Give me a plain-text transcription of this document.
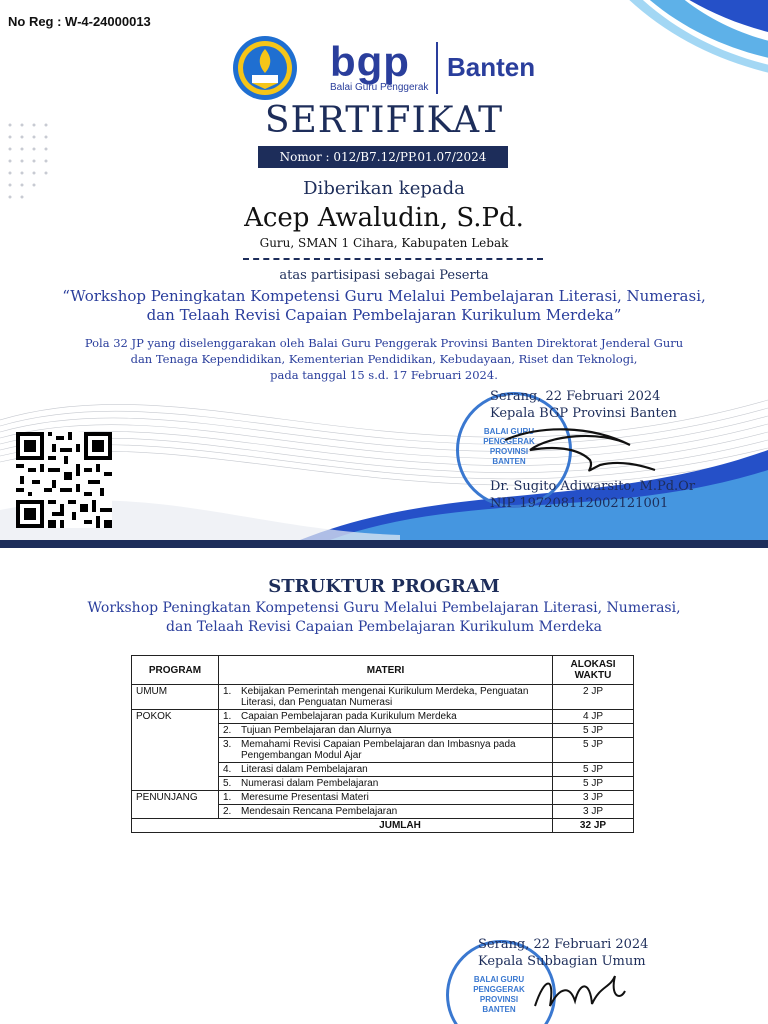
No Reg : W-4-24000013
bgp
Balai Guru Penggerak
Banten
SERTIFIKAT
Nomor : 012/B7.12/PP.01.07/2024
Diberikan kepada
Acep Awaludin, S.Pd.
Guru, SMAN 1 Cihara, Kabupaten Lebak
atas partisipasi sebagai Peserta
“Workshop Peningkatan Kompetensi Guru Melalui Pembelajaran Literasi, Numerasi,
dan Telaah Revisi Capaian Pembelajaran Kurikulum Merdeka”
Pola 32 JP yang diselenggarakan oleh Balai Guru Penggerak Provinsi Banten Direktorat Jenderal Guru
dan Tenaga Kependidikan, Kementerian Pendidikan, Kebudayaan, Riset dan Teknologi,
pada tanggal 15 s.d. 17 Februari 2024.
BALAI GURU PENGGERAK PROVINSI BANTEN
Serang, 22 Februari 2024
Kepala BGP Provinsi Banten
Dr. Sugito Adiwarsito, M.Pd.Or
NIP 197208112002121001
STRUKTUR PROGRAM
Workshop Peningkatan Kompetensi Guru Melalui Pembelajaran Literasi, Numerasi,
dan Telaah Revisi Capaian Pembelajaran Kurikulum Merdeka
PROGRAM	MATERI	ALOKASI WAKTU
UMUM	1. Kebijakan Pemerintah mengenai Kurikulum Merdeka, Penguatan Literasi, dan Penguatan Numerasi	2 JP
POKOK	1. Capaian Pembelajaran pada Kurikulum Merdeka	4 JP
	2. Tujuan Pembelajaran dan Alurnya	5 JP
	3. Memahami Revisi Capaian Pembelajaran dan Imbasnya pada Pengembangan Modul Ajar	5 JP
	4. Literasi dalam Pembelajaran	5 JP
	5. Numerasi dalam Pembelajaran	5 JP
PENUNJANG	1. Meresume Presentasi Materi	3 JP
	2. Mendesain Rencana Pembelajaran	3 JP
JUMLAH		32 JP
BALAI GURU PENGGERAK PROVINSI BANTEN
Serang, 22 Februari 2024
Kepala Subbagian Umum
